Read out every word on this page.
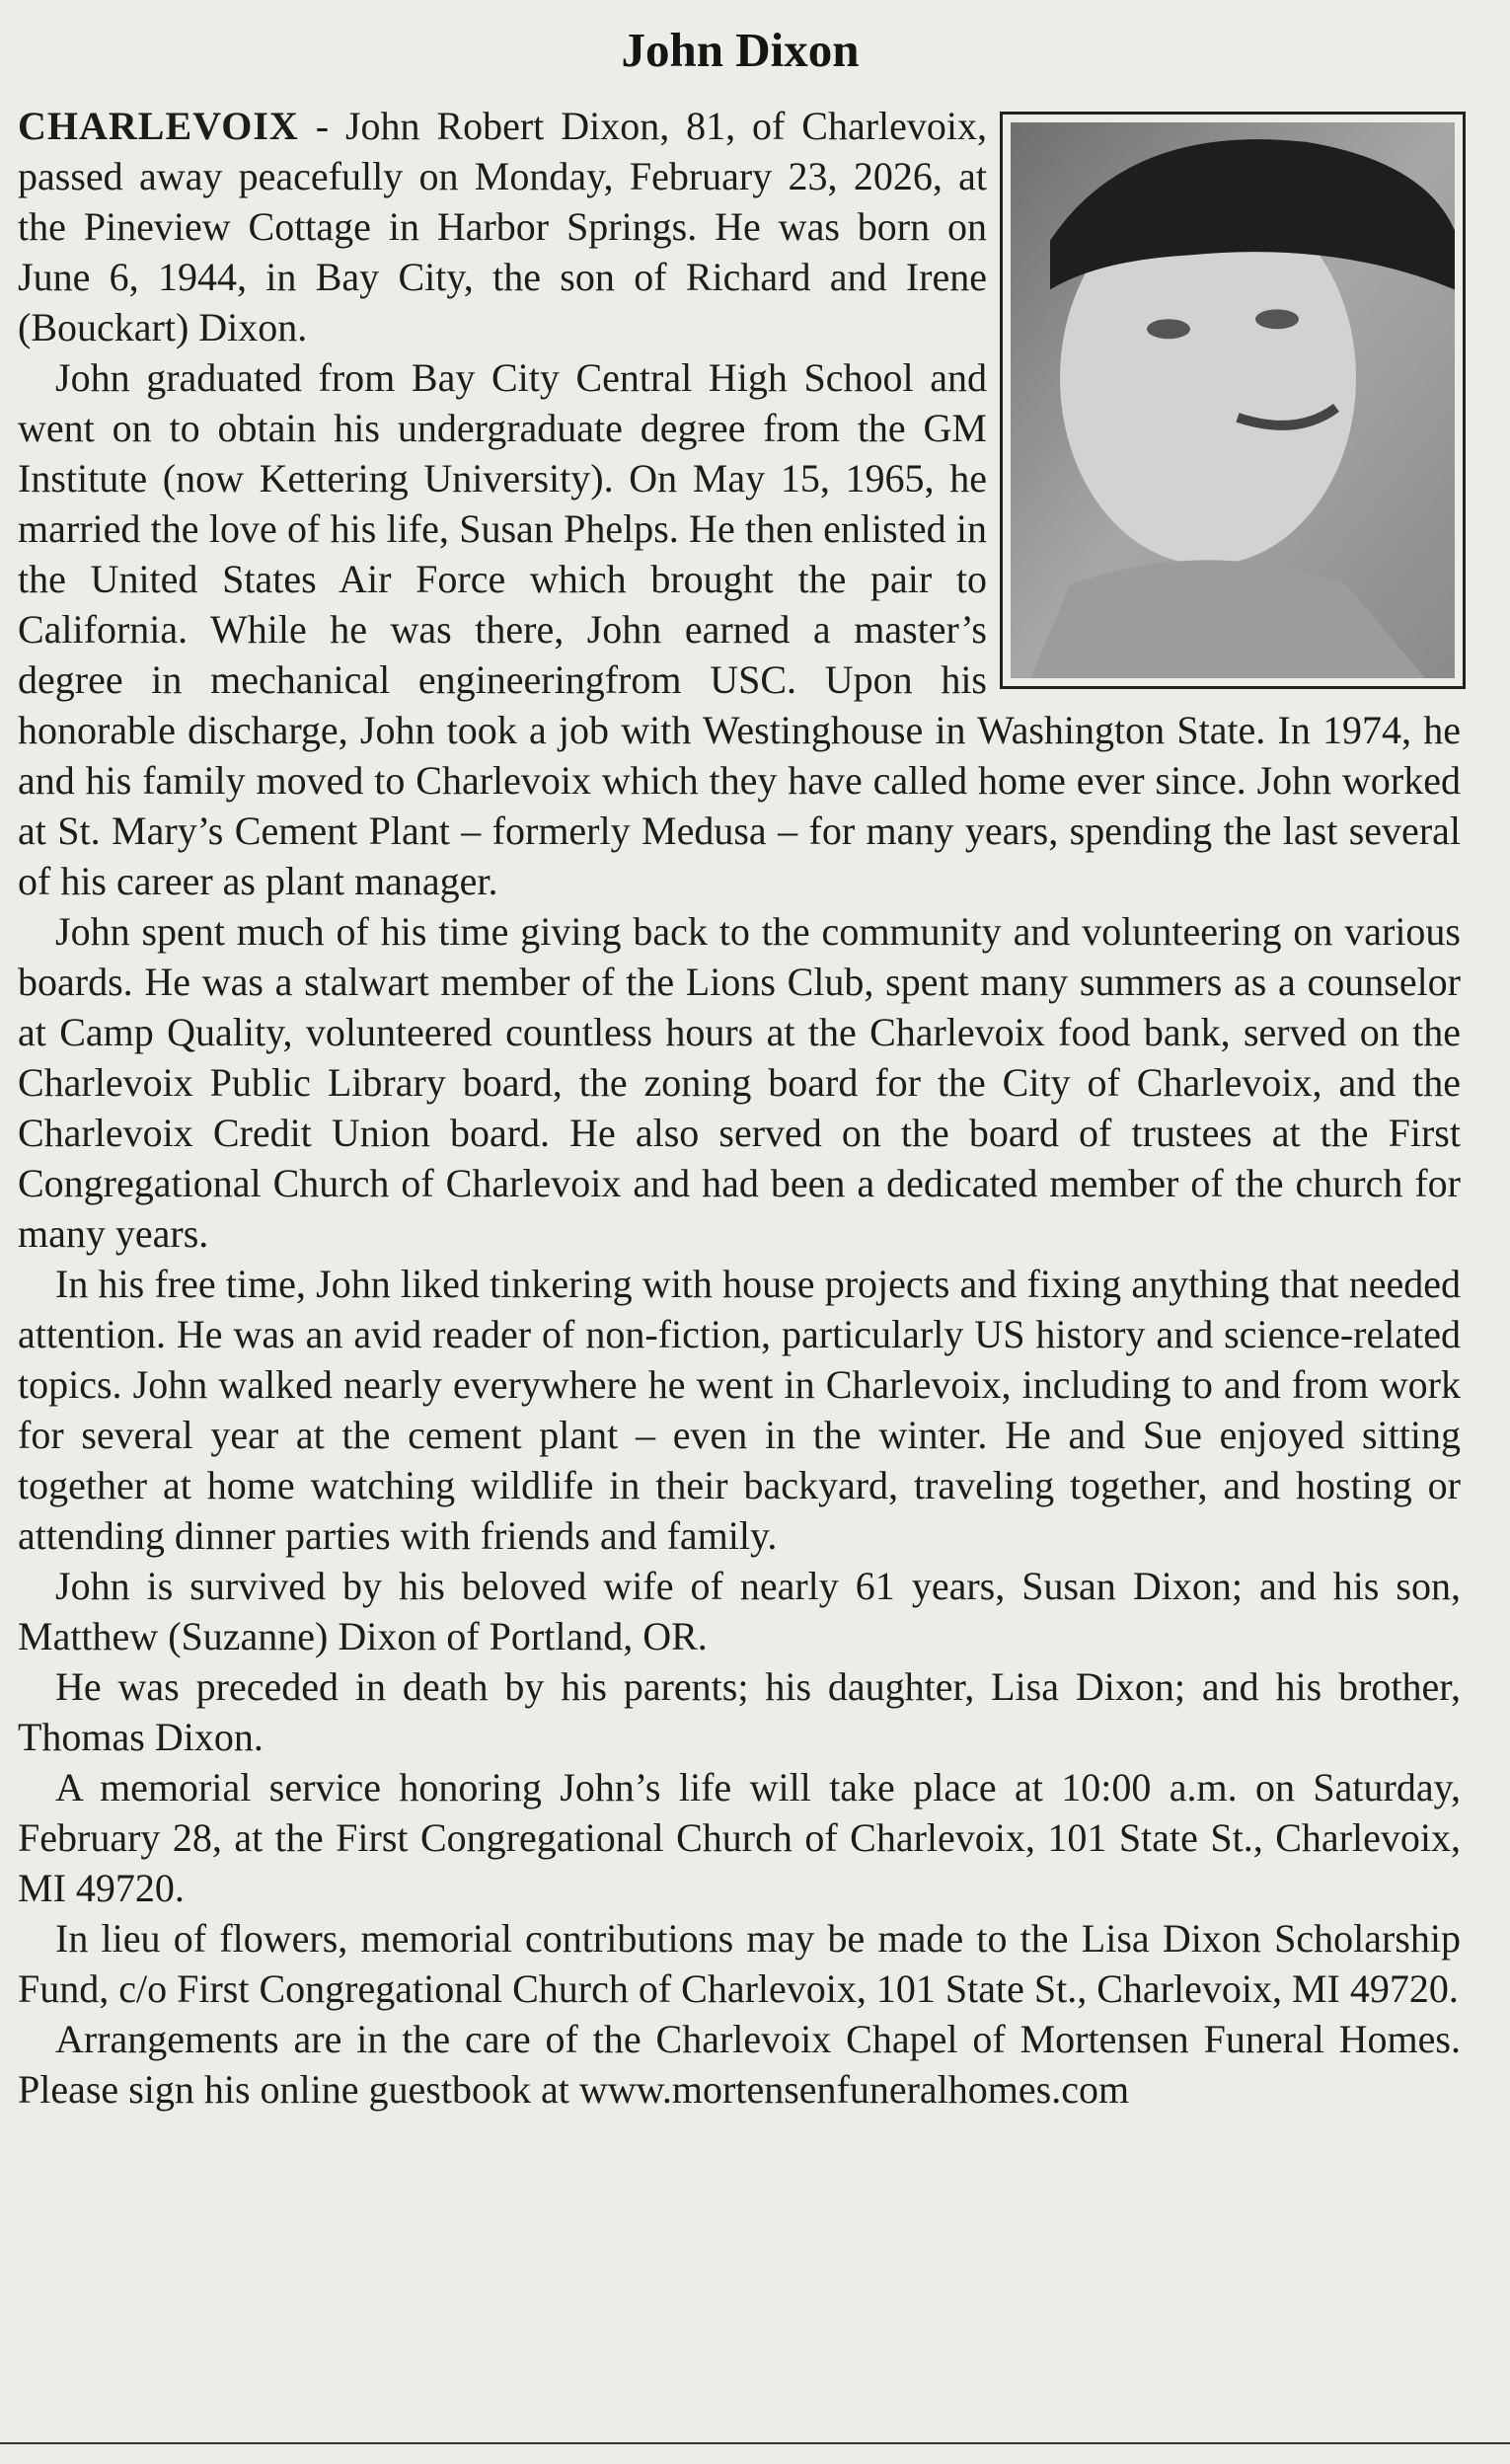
John Dixon

CHARLEVOIX - John Robert Dixon, 81, of Charlevoix, passed away peacefully on Monday, February 23, 2026, at the Pineview Cottage in Harbor Springs. He was born on June 6, 1944, in Bay City, the son of Richard and Irene (Bouckart) Dixon.

John graduated from Bay City Central High School and went on to obtain his undergraduate degree from the GM Institute (now Kettering University). On May 15, 1965, he married the love of his life, Susan Phelps. He then enlisted in the United States Air Force which brought the pair to California. While he was there, John earned a master’s degree in mechanical engineeringfrom USC. Upon his honorable discharge, John took a job with Westinghouse in Washington State. In 1974, he and his family moved to Charlevoix which they have called home ever since. John worked at St. Mary’s Cement Plant – formerly Medusa – for many years, spending the last several of his career as plant manager.

John spent much of his time giving back to the community and volunteering on various boards. He was a stalwart member of the Lions Club, spent many summers as a counselor at Camp Quality, volunteered countless hours at the Charlevoix food bank, served on the Charlevoix Public Library board, the zoning board for the City of Charlevoix, and the Charlevoix Credit Union board. He also served on the board of trustees at the First Congregational Church of Charlevoix and had been a dedicated member of the church for many years.

In his free time, John liked tinkering with house projects and fixing anything that needed attention. He was an avid reader of non-fiction, particularly US history and science-related topics. John walked nearly everywhere he went in Charlevoix, including to and from work for several year at the cement plant – even in the winter. He and Sue enjoyed sitting together at home watching wildlife in their backyard, traveling together, and hosting or attending dinner parties with friends and family.

John is survived by his beloved wife of nearly 61 years, Susan Dixon; and his son, Matthew (Suzanne) Dixon of Portland, OR.

He was preceded in death by his parents; his daughter, Lisa Dixon; and his brother, Thomas Dixon.

A memorial service honoring John’s life will take place at 10:00 a.m. on Saturday, February 28, at the First Congregational Church of Charlevoix, 101 State St., Charlevoix, MI 49720.

In lieu of flowers, memorial contributions may be made to the Lisa Dixon Scholarship Fund, c/o First Congregational Church of Charlevoix, 101 State St., Charlevoix, MI 49720.

Arrangements are in the care of the Charlevoix Chapel of Mortensen Funeral Homes. Please sign his online guestbook at www.mortensenfuneralhomes.com
